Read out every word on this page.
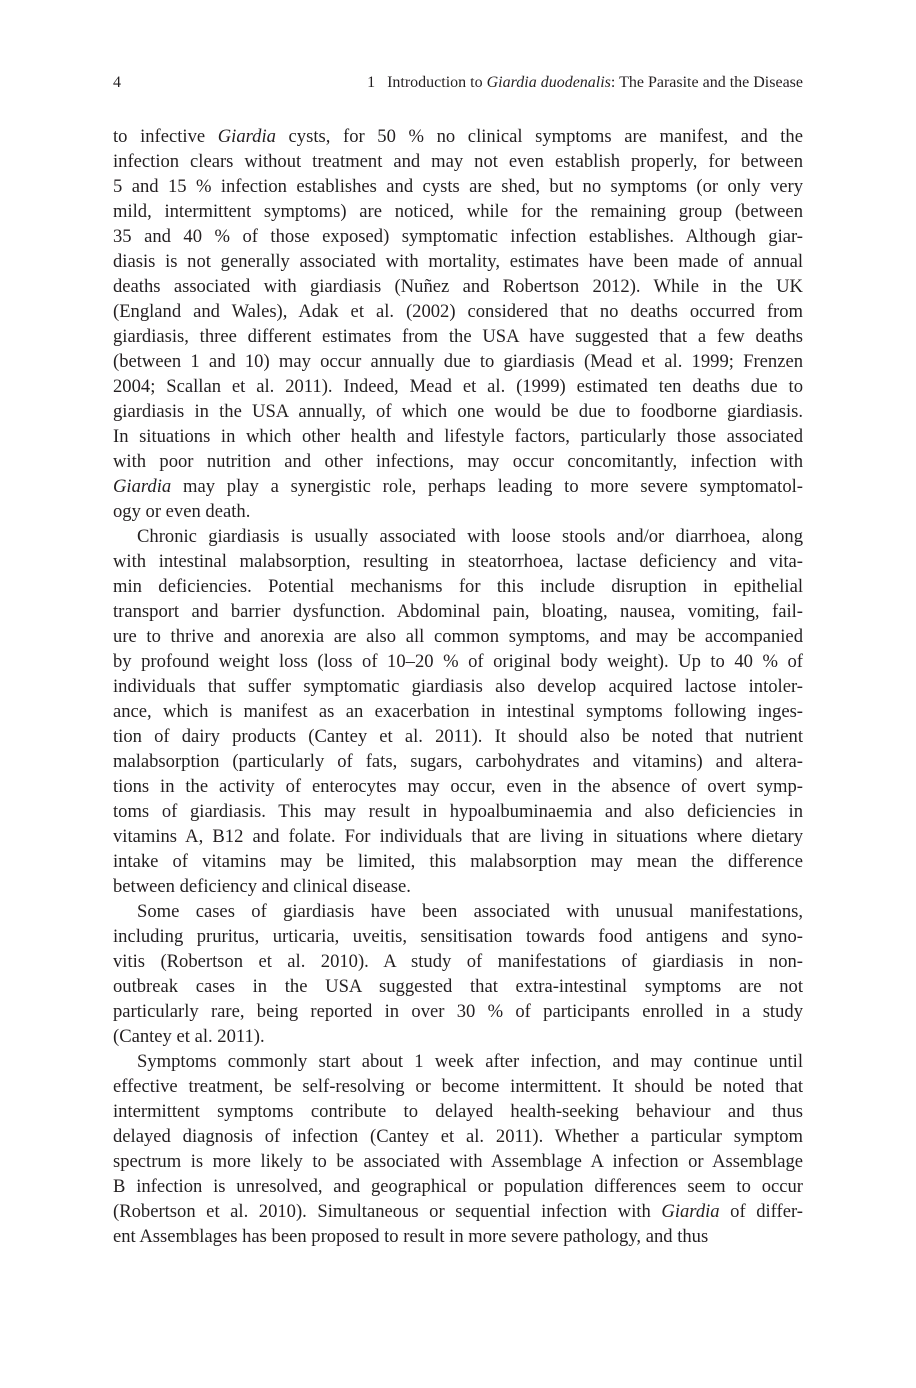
4	1 Introduction to Giardia duodenalis: The Parasite and the Disease
to infective Giardia cysts, for 50 % no clinical symptoms are manifest, and the
infection clears without treatment and may not even establish properly, for between
5 and 15 % infection establishes and cysts are shed, but no symptoms (or only very
mild, intermittent symptoms) are noticed, while for the remaining group (between
35 and 40 % of those exposed) symptomatic infection establishes. Although giar-
diasis is not generally associated with mortality, estimates have been made of annual
deaths associated with giardiasis (Nuñez and Robertson 2012). While in the UK
(England and Wales), Adak et al. (2002) considered that no deaths occurred from
giardiasis, three different estimates from the USA have suggested that a few deaths
(between 1 and 10) may occur annually due to giardiasis (Mead et al. 1999; Frenzen
2004; Scallan et al. 2011). Indeed, Mead et al. (1999) estimated ten deaths due to
giardiasis in the USA annually, of which one would be due to foodborne giardiasis.
In situations in which other health and lifestyle factors, particularly those associated
with poor nutrition and other infections, may occur concomitantly, infection with
Giardia may play a synergistic role, perhaps leading to more severe symptomatol-
ogy or even death.
Chronic giardiasis is usually associated with loose stools and/or diarrhoea, along
with intestinal malabsorption, resulting in steatorrhoea, lactase deficiency and vita-
min deficiencies. Potential mechanisms for this include disruption in epithelial
transport and barrier dysfunction. Abdominal pain, bloating, nausea, vomiting, fail-
ure to thrive and anorexia are also all common symptoms, and may be accompanied
by profound weight loss (loss of 10–20 % of original body weight). Up to 40 % of
individuals that suffer symptomatic giardiasis also develop acquired lactose intoler-
ance, which is manifest as an exacerbation in intestinal symptoms following inges-
tion of dairy products (Cantey et al. 2011). It should also be noted that nutrient
malabsorption (particularly of fats, sugars, carbohydrates and vitamins) and altera-
tions in the activity of enterocytes may occur, even in the absence of overt symp-
toms of giardiasis. This may result in hypoalbuminaemia and also deficiencies in
vitamins A, B12 and folate. For individuals that are living in situations where dietary
intake of vitamins may be limited, this malabsorption may mean the difference
between deficiency and clinical disease.
Some cases of giardiasis have been associated with unusual manifestations,
including pruritus, urticaria, uveitis, sensitisation towards food antigens and syno-
vitis (Robertson et al. 2010). A study of manifestations of giardiasis in non-
outbreak cases in the USA suggested that extra-intestinal symptoms are not
particularly rare, being reported in over 30 % of participants enrolled in a study
(Cantey et al. 2011).
Symptoms commonly start about 1 week after infection, and may continue until
effective treatment, be self-resolving or become intermittent. It should be noted that
intermittent symptoms contribute to delayed health-seeking behaviour and thus
delayed diagnosis of infection (Cantey et al. 2011). Whether a particular symptom
spectrum is more likely to be associated with Assemblage A infection or Assemblage
B infection is unresolved, and geographical or population differences seem to occur
(Robertson et al. 2010). Simultaneous or sequential infection with Giardia of differ-
ent Assemblages has been proposed to result in more severe pathology, and thus
